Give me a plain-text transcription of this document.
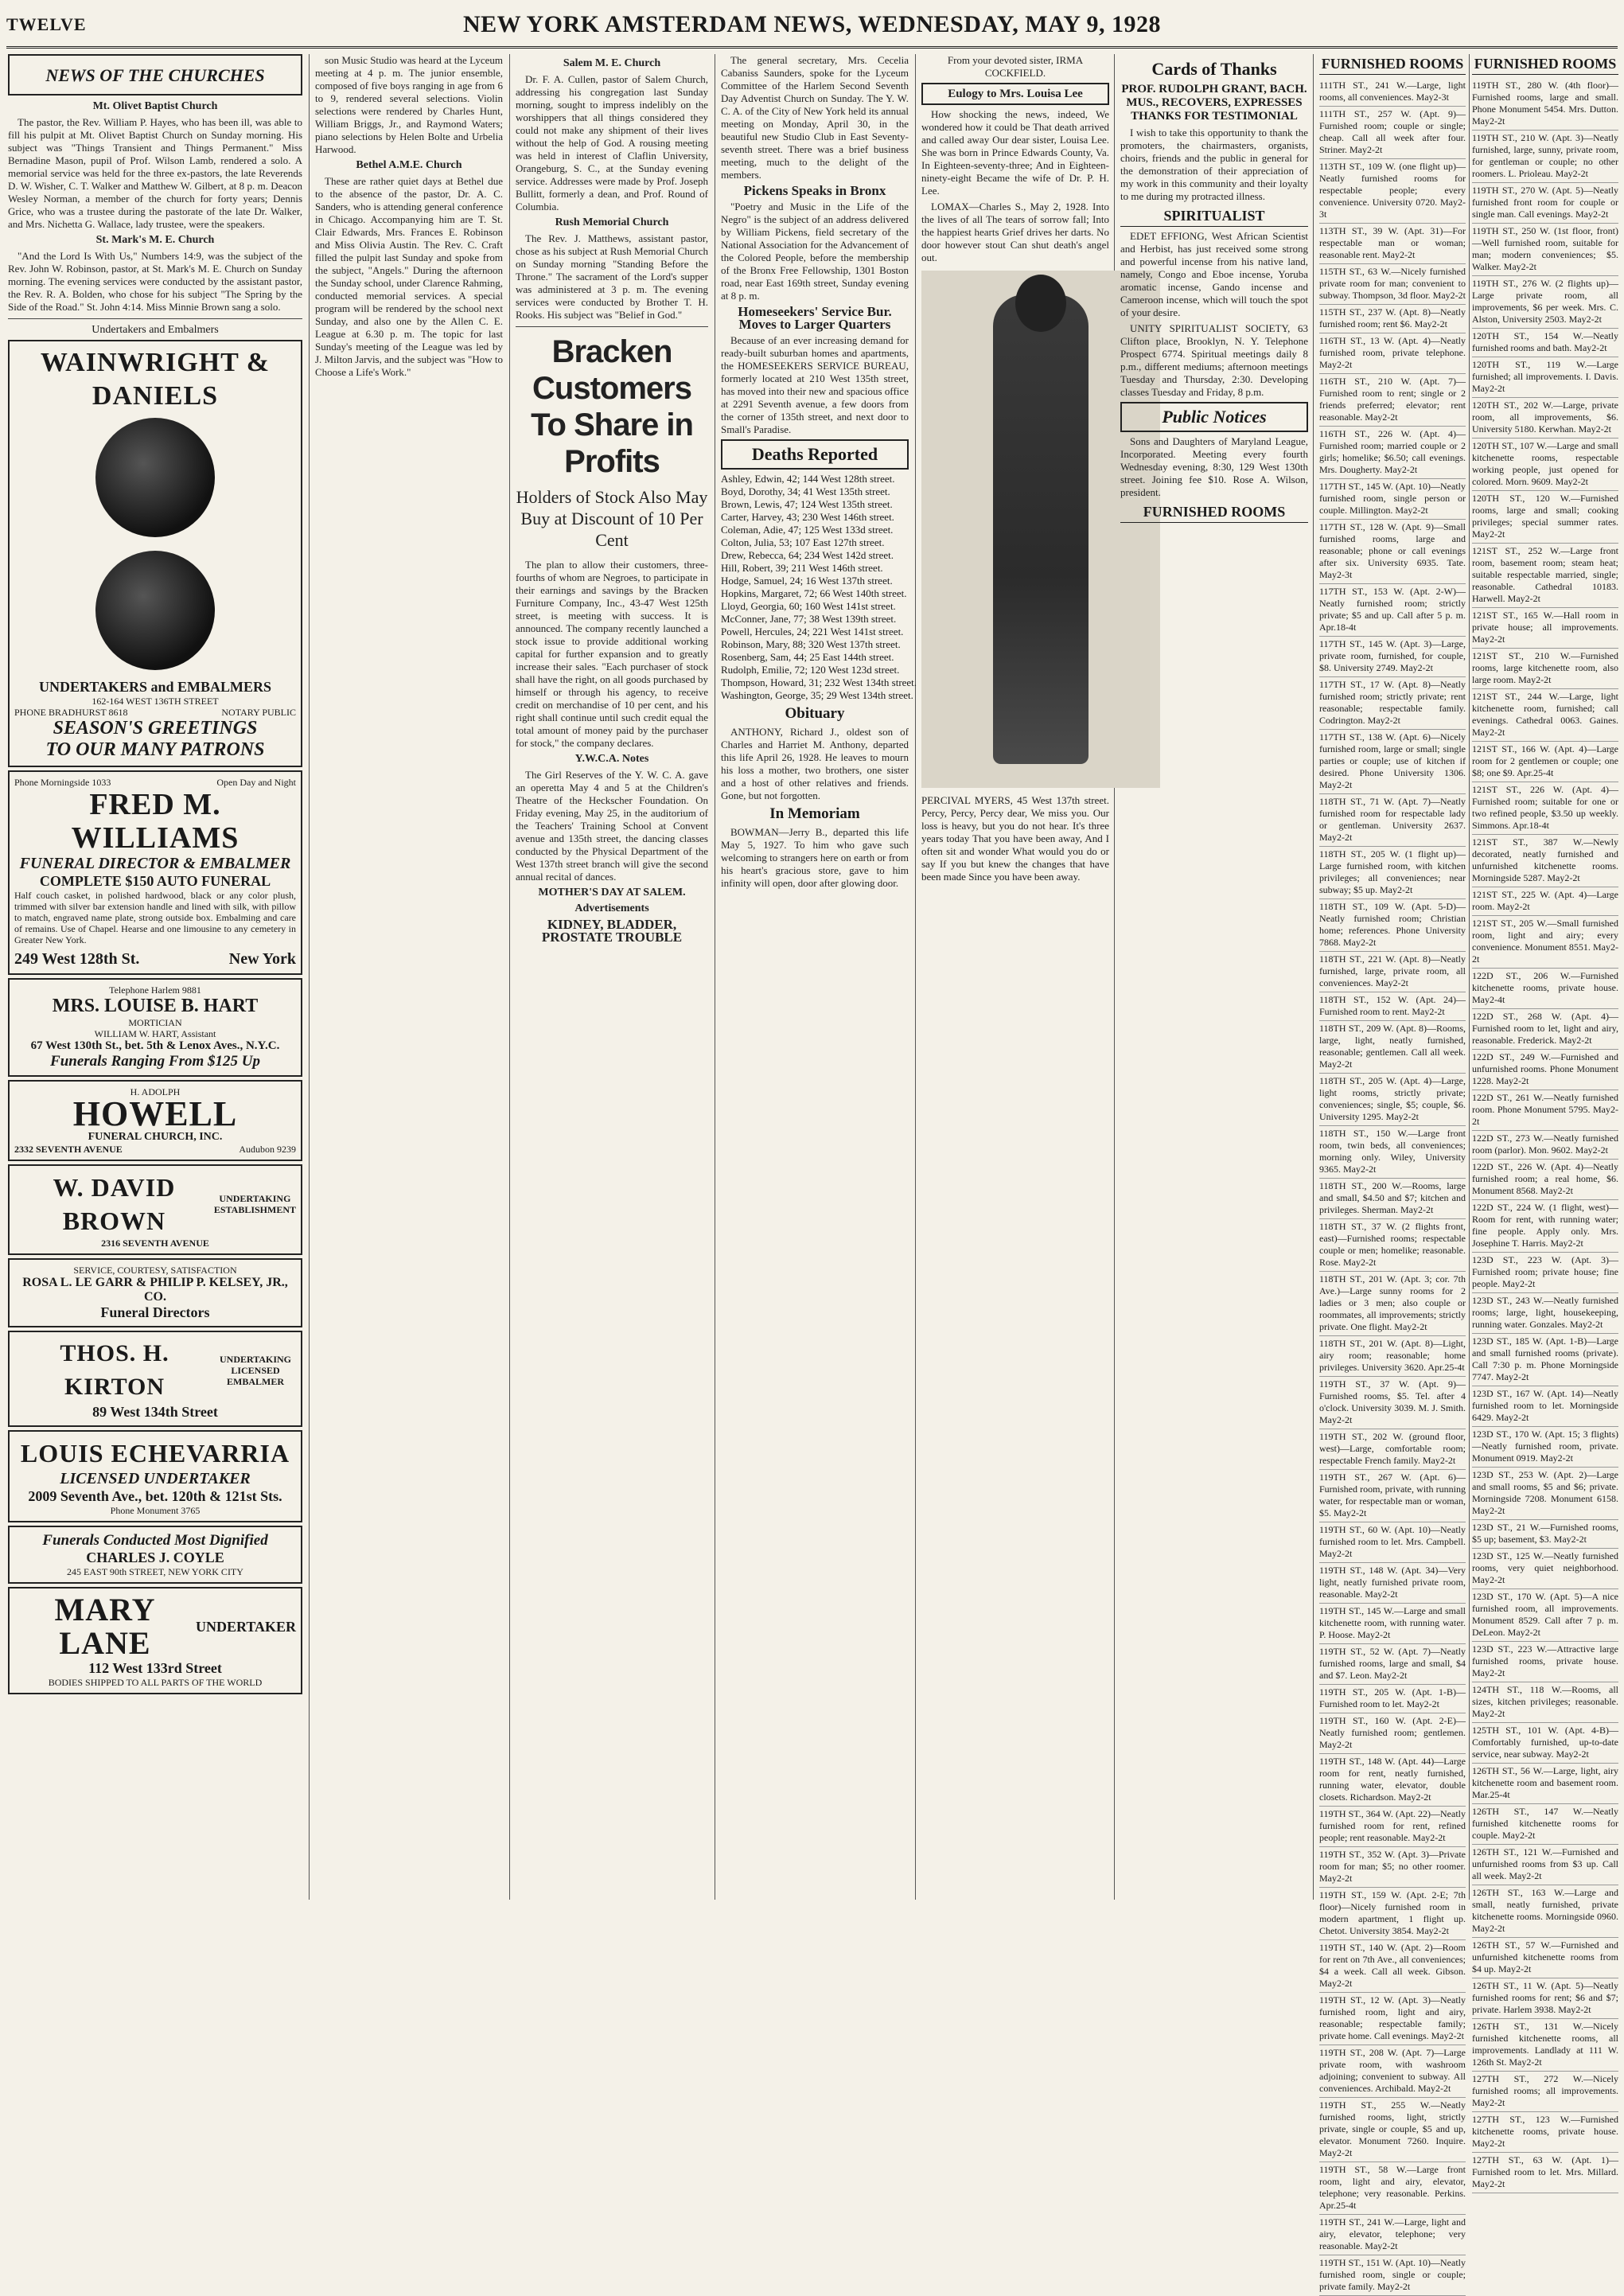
TWELVE	NEW YORK AMSTERDAM NEWS, WEDNESDAY, MAY 9, 1928
NEWS OF THE CHURCHES
Mt. Olivet Baptist Church

The pastor, the Rev. William P. Hayes, who has been ill, was able to fill his pulpit at Mt. Olivet Baptist Church on Sunday morning. His subject was "Things Transient and Things Permanent." Miss Bernadine Mason, pupil of Prof. Wilson Lamb, rendered a solo. A memorial service was held for the three ex-pastors, the late Reverends D. W. Wisher, C. T. Walker and Matthew W. Gilbert, at 8 p. m. Deacon Wesley Norman, a member of the church for forty years; Dennis Grice, who was a trustee during the pastorate of the late Dr. Walker, and Mrs. Nichetta G. Wallace, lady trustee, were the speakers.

St. Mark's M. E. Church

"And the Lord Is With Us," Numbers 14:9, was the subject of the Rev. John W. Robinson, pastor, at St. Mark's M. E. Church on Sunday morning. The evening services were conducted by the assistant pastor, the Rev. R. A. Bolden, who chose for his subject "The Spring by the Side of the Road." St. John 4:14. Miss Minnie Brown sang a solo.

Undertakers and Embalmers
WAINWRIGHT & DANIELS
UNDERTAKERS and EMBALMERS
162-164 WEST 136TH STREET
PHONE BRADHURST 8618	NOTARY PUBLIC
SEASON'S GREETINGS
TO OUR MANY PATRONS
Phone Morningside 1033	Open Day and Night
FRED M. WILLIAMS
FUNERAL DIRECTOR & EMBALMER
COMPLETE $150 AUTO FUNERAL
Half couch casket, in polished hardwood, black or any color plush, trimmed with silver bar extension handle and lined with silk, with pillow to match, engraved name plate, strong outside box. Embalming and care of remains. Use of Chapel. Hearse and one limousine to any cemetery in Greater New York.
249 West 128th St.	New York
Telephone Harlem 9881
MRS. LOUISE B. HART
MORTICIAN
WILLIAM W. HART, Assistant
67 West 130th St., bet. 5th & Lenox Aves., N.Y.C.
Funerals Ranging From $125 Up
H. ADOLPH
HOWELL
FUNERAL CHURCH, INC.
2332 SEVENTH AVENUE	Audubon 9239
W. DAVID BROWN
UNDERTAKING ESTABLISHMENT
2316 SEVENTH AVENUE
SERVICE, COURTESY, SATISFACTION
ROSA L. LE GARR & PHILIP P. KELSEY, JR., CO.
Funeral Directors
THOS. H. KIRTON
UNDERTAKING LICENSED EMBALMER
89 West 134th Street
LOUIS ECHEVARRIA
LICENSED UNDERTAKER
2009 Seventh Ave., bet. 120th & 121st Sts.
Phone Monument 3765
Funerals Conducted Most Dignified
CHARLES J. COYLE
245 EAST 90th STREET, NEW YORK CITY
MARY LANE	UNDERTAKER
112 West 133rd Street
BODIES SHIPPED TO ALL PARTS OF THE WORLD

son Music Studio was heard at the Lyceum meeting at 4 p. m. The junior ensemble, composed of five boys ranging in age from 6 to 9, rendered several selections. Violin selections were rendered by Charles Hunt, William Briggs, Jr., and Raymond Waters; piano selections by Helen Bolte and Urbelia Harwood.

Bethel A.M.E. Church

These are rather quiet days at Bethel due to the absence of the pastor, Dr. A. C. Sanders, who is attending general conference in Chicago. Accompanying him are T. St. Clair Edwards, Mrs. Frances E. Robinson and Miss Olivia Austin. The Rev. C. Craft filled the pulpit last Sunday and spoke from the subject, "Angels." During the afternoon the Sunday school, under Clarence Rahming, conducted memorial services. A special program will be rendered by the school next Sunday, and also one by the Allen C. E. League at 6.30 p. m. The topic for last Sunday's meeting of the League was led by J. Milton Jarvis, and the subject was "How to Choose a Life's Work."

Salem M. E. Church

Dr. F. A. Cullen, pastor of Salem Church, addressing his congregation last Sunday morning, sought to impress indelibly on the worshippers that all things considered they could not make any shipment of their lives without the help of God. A rousing meeting was held in interest of Claflin University, Orangeburg, S. C., at the Sunday evening service. Addresses were made by Prof. Joseph Bullitt, formerly a dean, and Prof. Round of Columbia.

Rush Memorial Church

The Rev. J. Matthews, assistant pastor, chose as his subject at Rush Memorial Church on Sunday morning "Standing Before the Throne." The sacrament of the Lord's supper was administered at 3 p. m. The evening services were conducted by Brother T. H. Rooks. His subject was "Belief in God."

Bracken Customers To Share in Profits
Holders of Stock Also May Buy at Discount of 10 Per Cent

The plan to allow their customers, three-fourths of whom are Negroes, to participate in their earnings and savings by the Bracken Furniture Company, Inc., 43-47 West 125th street, is meeting with success. It is announced. The company recently launched a stock issue to provide additional working capital for further expansion and to greatly increase their sales. "Each purchaser of stock shall have the right, on all goods purchased by himself or through his agency, to receive credit on merchandise of 10 per cent, and his right shall continue until such credit equal the total amount of money paid by the purchaser for stock," the company declares.

Y.W.C.A. Notes

The Girl Reserves of the Y. W. C. A. gave an operetta May 4 and 5 at the Children's Theatre of the Heckscher Foundation. On Friday evening, May 25, in the auditorium of the Teachers' Training School at Convent avenue and 135th street, the dancing classes conducted by the Physical Department of the West 137th street branch will give the second annual recital of dances.

MOTHER'S DAY AT SALEM.
Advertisements
KIDNEY, BLADDER, PROSTATE TROUBLE

The general secretary, Mrs. Cecelia Cabaniss Saunders, spoke for the Lyceum Committee of the Harlem Second Seventh Day Adventist Church on Sunday. The Y. W. C. A. of the City of New York held its annual meeting on Monday, April 30, in the beautiful new Studio Club in East Seventy-seventh street. There was a brief business meeting, much to the delight of the members.

Pickens Speaks in Bronx

"Poetry and Music in the Life of the Negro" is the subject of an address delivered by William Pickens, field secretary of the National Association for the Advancement of the Colored People, before the membership of the Bronx Free Fellowship, 1301 Boston road, near East 169th street, Sunday evening at 8 p. m.

Homeseekers' Service Bur. Moves to Larger Quarters

Because of an ever increasing demand for ready-built suburban homes and apartments, the HOMESEEKERS SERVICE BUREAU, formerly located at 210 West 135th street, has moved into their new and spacious office at 2291 Seventh avenue, a few doors from the corner of 135th street, and next door to Small's Paradise.

Deaths Reported
Ashley, Edwin, 42; 144 West 128th street.
Boyd, Dorothy, 34; 41 West 135th street.
Brown, Lewis, 47; 124 West 135th street.
Carter, Harvey, 43; 230 West 146th street.
Coleman, Adie, 47; 125 West 133d street.
Colton, Julia, 53; 107 East 127th street.
Drew, Rebecca, 64; 234 West 142d street.
Hill, Robert, 39; 211 West 146th street.
Hodge, Samuel, 24; 16 West 137th street.
Hopkins, Margaret, 72; 66 West 140th street.
Lloyd, Georgia, 60; 160 West 141st street.
McConner, Jane, 77; 38 West 139th street.
Powell, Hercules, 24; 221 West 141st street.
Robinson, Mary, 88; 320 West 137th street.
Rosenberg, Sam, 44; 25 East 144th street.
Rudolph, Emilie, 72; 120 West 123d street.
Thompson, Howard, 31; 232 West 134th street.
Washington, George, 35; 29 West 134th street.
Obituary

ANTHONY, Richard J., oldest son of Charles and Harriet M. Anthony, departed this life April 26, 1928. He leaves to mourn his loss a mother, two brothers, one sister and a host of other relatives and friends. Gone, but not forgotten.

In Memoriam

BOWMAN—Jerry B., departed this life May 5, 1927. To him who gave such welcoming to strangers here on earth or from his heart's gracious store, gave to him infinity will open, door after glowing door.

From your devoted sister, IRMA COCKFIELD.

Eulogy to Mrs. Louisa Lee

How shocking the news, indeed, We wondered how it could be That death arrived and called away Our dear sister, Louisa Lee. She was born in Prince Edwards County, Va. In Eighteen-seventy-three; And in Eighteen-ninety-eight Became the wife of Dr. P. H. Lee.

LOMAX—Charles S., May 2, 1928. Into the lives of all The tears of sorrow fall; Into the happiest hearts Grief drives her darts. No door however stout Can shut death's angel out.

PERCIVAL MYERS, 45 West 137th street. Percy, Percy, Percy dear, We miss you. Our loss is heavy, but you do not hear. It's three years today That you have been away, And I often sit and wonder What would you do or say If you but knew the changes that have been made Since you have been away.
Cards of Thanks
PROF. RUDOLPH GRANT, BACH. MUS., RECOVERS, EXPRESSES THANKS FOR TESTIMONIAL

I wish to take this opportunity to thank the promoters, the chairmasters, organists, choirs, friends and the public in general for the demonstration of their appreciation of my work in this community and their loyalty to me during my protracted illness.

SPIRITUALIST

EDET EFFIONG, West African Scientist and Herbist, has just received some strong and powerful incense from his native land, namely, Congo and Eboe incense, Yoruba aromatic incense, Gando incense and Cameroon incense, which will touch the spot of your desire.

UNITY SPIRITUALIST SOCIETY, 63 Clifton place, Brooklyn, N. Y. Telephone Prospect 6774. Spiritual meetings daily 8 p.m., different mediums; afternoon meetings Tuesday and Thursday, 2:30. Developing classes Tuesday and Friday, 8 p.m.

Public Notices

Sons and Daughters of Maryland League, Incorporated. Meeting every fourth Wednesday evening, 8:30, 129 West 130th street. Joining fee $10. Rose A. Wilson, president.

FURNISHED ROOMS
FURNISHED ROOMS
111TH ST., 241 W.—Large, light rooms, all conveniences. May2-3t
111TH ST., 257 W. (Apt. 9)—Furnished room; couple or single; cheap. Call all week after four. Striner. May2-2t
113TH ST., 109 W. (one flight up)—Neatly furnished rooms for respectable people; every convenience. University 0720. May2-3t
113TH ST., 39 W. (Apt. 31)—For respectable man or woman; reasonable rent. May2-2t
115TH ST., 63 W.—Nicely furnished private room for man; convenient to subway. Thompson, 3d floor. May2-2t
115TH ST., 237 W. (Apt. 8)—Neatly furnished room; rent $6. May2-2t
116TH ST., 13 W. (Apt. 4)—Neatly furnished room, private telephone. May2-2t
116TH ST., 210 W. (Apt. 7)—Furnished room to rent; single or 2 friends preferred; elevator; rent reasonable. May2-2t
116TH ST., 226 W. (Apt. 4)—Furnished room; married couple or 2 girls; homelike; $6.50; call evenings. Mrs. Dougherty. May2-2t
117TH ST., 145 W. (Apt. 10)—Neatly furnished room, single person or couple. Millington. May2-2t
117TH ST., 128 W. (Apt. 9)—Small furnished rooms, large and reasonable; phone or call evenings after six. University 6935. Tate. May2-3t
117TH ST., 153 W. (Apt. 2-W)—Neatly furnished room; strictly private; $5 and up. Call after 5 p. m. Apr.18-4t
117TH ST., 145 W. (Apt. 3)—Large, private room, furnished, for couple, $8. University 2749. May2-2t
117TH ST., 17 W. (Apt. 8)—Neatly furnished room; strictly private; rent reasonable; respectable family. Codrington. May2-2t
117TH ST., 138 W. (Apt. 6)—Nicely furnished room, large or small; single parties or couple; use of kitchen if desired. Phone University 1306. May2-2t
118TH ST., 71 W. (Apt. 7)—Neatly furnished room for respectable lady or gentleman. University 2637. May2-2t
118TH ST., 205 W. (1 flight up)—Large furnished room, with kitchen privileges; all conveniences; near subway; $5 up. May2-2t
118TH ST., 109 W. (Apt. 5-D)—Neatly furnished room; Christian home; references. Phone University 7868. May2-2t
118TH ST., 221 W. (Apt. 8)—Neatly furnished, large, private room, all conveniences. May2-2t
118TH ST., 152 W. (Apt. 24)—Furnished room to rent. May2-2t
118TH ST., 209 W. (Apt. 8)—Rooms, large, light, neatly furnished, reasonable; gentlemen. Call all week. May2-2t
118TH ST., 205 W. (Apt. 4)—Large, light rooms, strictly private; conveniences; single, $5; couple, $6. University 1295. May2-2t
118TH ST., 150 W.—Large front room, twin beds, all conveniences; morning only. Wiley, University 9365. May2-2t
118TH ST., 200 W.—Rooms, large and small, $4.50 and $7; kitchen and privileges. Sherman. May2-2t
118TH ST., 37 W. (2 flights front, east)—Furnished rooms; respectable couple or men; homelike; reasonable. Rose. May2-2t
118TH ST., 201 W. (Apt. 3; cor. 7th Ave.)—Large sunny rooms for 2 ladies or 3 men; also couple or roommates, all improvements; strictly private. One flight. May2-2t
118TH ST., 201 W. (Apt. 8)—Light, airy room; reasonable; home privileges. University 3620. Apr.25-4t
119TH ST., 37 W. (Apt. 9)—Furnished rooms, $5. Tel. after 4 o'clock. University 3039. M. J. Smith. May2-2t
119TH ST., 202 W. (ground floor, west)—Large, comfortable room; respectable French family. May2-2t
119TH ST., 267 W. (Apt. 6)—Furnished room, private, with running water, for respectable man or woman, $5. May2-2t
119TH ST., 60 W. (Apt. 10)—Neatly furnished room to let. Mrs. Campbell. May2-2t
119TH ST., 148 W. (Apt. 34)—Very light, neatly furnished private room, reasonable. May2-2t
119TH ST., 145 W.—Large and small kitchenette room, with running water. P. Hoose. May2-2t
119TH ST., 52 W. (Apt. 7)—Neatly furnished rooms, large and small, $4 and $7. Leon. May2-2t
119TH ST., 205 W. (Apt. 1-B)—Furnished room to let. May2-2t
119TH ST., 160 W. (Apt. 2-E)—Neatly furnished room; gentlemen. May2-2t
119TH ST., 148 W. (Apt. 44)—Large room for rent, neatly furnished, running water, elevator, double closets. Richardson. May2-2t
119TH ST., 364 W. (Apt. 22)—Neatly furnished room for rent, refined people; rent reasonable. May2-2t
119TH ST., 352 W. (Apt. 3)—Private room for man; $5; no other roomer. May2-2t
119TH ST., 159 W. (Apt. 2-E; 7th floor)—Nicely furnished room in modern apartment, 1 flight up. Chetot. University 3854. May2-2t
119TH ST., 140 W. (Apt. 2)—Room for rent on 7th Ave., all conveniences; $4 a week. Call all week. Gibson. May2-2t
119TH ST., 12 W. (Apt. 3)—Neatly furnished room, light and airy, reasonable; respectable family; private home. Call evenings. May2-2t
119TH ST., 208 W. (Apt. 7)—Large private room, with washroom adjoining; convenient to subway. All conveniences. Archibald. May2-2t
119TH ST., 255 W.—Neatly furnished rooms, light, strictly private, single or couple, $5 and up, elevator. Monument 7260. Inquire. May2-2t
119TH ST., 58 W.—Large front room, light and airy, elevator, telephone; very reasonable. Perkins. Apr.25-4t
119TH ST., 241 W.—Large, light and airy, elevator, telephone; very reasonable. May2-2t
119TH ST., 151 W. (Apt. 10)—Neatly furnished room, single or couple; private family. May2-2t
FURNISHED ROOMS
119TH ST., 280 W. (4th floor)—Furnished rooms, large and small. Phone Monument 5454. Mrs. Dutton. May2-2t
119TH ST., 210 W. (Apt. 3)—Neatly furnished, large, sunny, private room, for gentleman or couple; no other roomers. L. Prioleau. May2-2t
119TH ST., 270 W. (Apt. 5)—Neatly furnished front room for couple or single man. Call evenings. May2-2t
119TH ST., 250 W. (1st floor, front)—Well furnished room, suitable for man; modern conveniences; $5. Walker. May2-2t
119TH ST., 276 W. (2 flights up)—Large private room, all improvements, $6 per week. Mrs. C. Alston, University 2503. May2-2t
120TH ST., 154 W.—Neatly furnished rooms and bath. May2-2t
120TH ST., 119 W.—Large furnished; all improvements. I. Davis. May2-2t
120TH ST., 202 W.—Large, private room, all improvements, $6. University 5180. Kerwhan. May2-2t
120TH ST., 107 W.—Large and small kitchenette rooms, respectable working people, just opened for colored. Morn. 9609. May2-2t
120TH ST., 120 W.—Furnished rooms, large and small; cooking privileges; special summer rates. May2-2t
121ST ST., 252 W.—Large front room, basement room; steam heat; suitable respectable married, single; reasonable. Cathedral 10183. Harwell. May2-2t
121ST ST., 165 W.—Hall room in private house; all improvements. May2-2t
121ST ST., 210 W.—Furnished rooms, large kitchenette room, also large room. May2-2t
121ST ST., 244 W.—Large, light kitchenette room, furnished; call evenings. Cathedral 0063. Gaines. May2-2t
121ST ST., 166 W. (Apt. 4)—Large room for 2 gentlemen or couple; one $8; one $9. Apr.25-4t
121ST ST., 226 W. (Apt. 4)—Furnished room; suitable for one or two refined people, $3.50 up weekly. Simmons. Apr.18-4t
121ST ST., 387 W.—Newly decorated, neatly furnished and unfurnished kitchenette rooms. Morningside 5287. May2-2t
121ST ST., 225 W. (Apt. 4)—Large room. May2-2t
121ST ST., 205 W.—Small furnished room, light and airy; every convenience. Monument 8551. May2-2t
122D ST., 206 W.—Furnished kitchenette rooms, private house. May2-4t
122D ST., 268 W. (Apt. 4)—Furnished room to let, light and airy, reasonable. Frederick. May2-2t
122D ST., 249 W.—Furnished and unfurnished rooms. Phone Monument 1228. May2-2t
122D ST., 261 W.—Neatly furnished room. Phone Monument 5795. May2-2t
122D ST., 273 W.—Neatly furnished room (parlor). Mon. 9602. May2-2t
122D ST., 226 W. (Apt. 4)—Neatly furnished room; a real home, $6. Monument 8568. May2-2t
122D ST., 224 W. (1 flight, west)—Room for rent, with running water; fine people. Apply only. Mrs. Josephine T. Harris. May2-2t
123D ST., 223 W. (Apt. 3)—Furnished room; private house; fine people. May2-2t
123D ST., 243 W.—Neatly furnished rooms; large, light, housekeeping, running water. Gonzales. May2-2t
123D ST., 185 W. (Apt. 1-B)—Large and small furnished rooms (private). Call 7:30 p. m. Phone Morningside 7747. May2-2t
123D ST., 167 W. (Apt. 14)—Neatly furnished room to let. Morningside 6429. May2-2t
123D ST., 170 W. (Apt. 15; 3 flights)—Neatly furnished room, private. Monument 0919. May2-2t
123D ST., 253 W. (Apt. 2)—Large and small rooms, $5 and $6; private. Morningside 7208. Monument 6158. May2-2t
123D ST., 21 W.—Furnished rooms, $5 up; basement, $3. May2-2t
123D ST., 125 W.—Neatly furnished rooms, very quiet neighborhood. May2-2t
123D ST., 170 W. (Apt. 5)—A nice furnished room, all improvements. Monument 8529. Call after 7 p. m. DeLeon. May2-2t
123D ST., 223 W.—Attractive large furnished rooms, private house. May2-2t
124TH ST., 118 W.—Rooms, all sizes, kitchen privileges; reasonable. May2-2t
125TH ST., 101 W. (Apt. 4-B)—Comfortably furnished, up-to-date service, near subway. May2-2t
126TH ST., 56 W.—Large, light, airy kitchenette room and basement room. Mar.25-4t
126TH ST., 147 W.—Neatly furnished kitchenette rooms for couple. May2-2t
126TH ST., 121 W.—Furnished and unfurnished rooms from $3 up. Call all week. May2-2t
126TH ST., 163 W.—Large and small, neatly furnished, private kitchenette rooms. Morningside 0960. May2-2t
126TH ST., 57 W.—Furnished and unfurnished kitchenette rooms from $4 up. May2-2t
126TH ST., 11 W. (Apt. 5)—Neatly furnished rooms for rent; $6 and $7; private. Harlem 3938. May2-2t
126TH ST., 131 W.—Nicely furnished kitchenette rooms, all improvements. Landlady at 111 W. 126th St. May2-2t
127TH ST., 272 W.—Nicely furnished rooms; all improvements. May2-2t
127TH ST., 123 W.—Furnished kitchenette rooms, private house. May2-2t
127TH ST., 63 W. (Apt. 1)—Furnished room to let. Mrs. Millard. May2-2t
